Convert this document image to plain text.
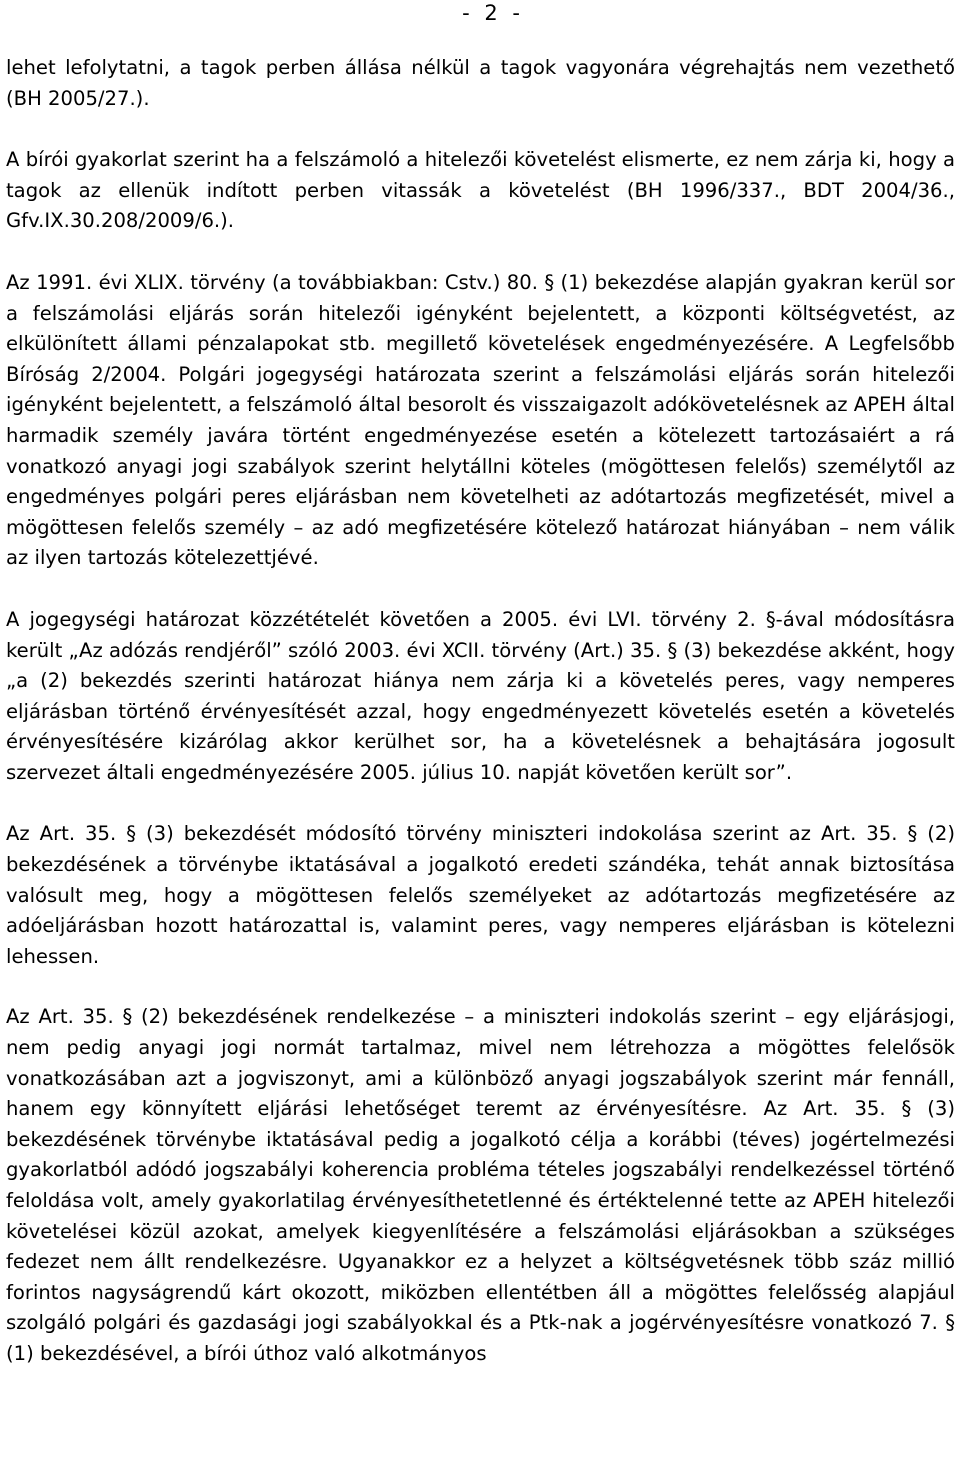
- 2 -

lehet lefolytatni, a tagok perben állása nélkül a tagok vagyonára végrehajtás nem vezethető (BH 2005/27.).

A bírói gyakorlat szerint ha a felszámoló a hitelezői követelést elismerte, ez nem zárja ki, hogy a tagok az ellenük indított perben vitassák a követelést (BH 1996/337., BDT 2004/36., Gfv.IX.30.208/2009/6.).

Az 1991. évi XLIX. törvény (a továbbiakban: Cstv.) 80. § (1) bekezdése alapján gyakran kerül sor a felszámolási eljárás során hitelezői igényként bejelentett, a központi költségvetést, az elkülönített állami pénzalapokat stb. megillető követelések engedményezésére. A Legfelsőbb Bíróság 2/2004. Polgári jogegységi határozata szerint a felszámolási eljárás során hitelezői igényként bejelentett, a felszámoló által besorolt és visszaigazolt adókövetelésnek az APEH által harmadik személy javára történt engedményezése esetén a kötelezett tartozásaiért a rá vonatkozó anyagi jogi szabályok szerint helytállni köteles (mögöttesen felelős) személytől az engedményes polgári peres eljárásban nem követelheti az adótartozás megfizetését, mivel a mögöttesen felelős személy – az adó megfizetésére kötelező határozat hiányában – nem válik az ilyen tartozás kötelezettjévé.

A jogegységi határozat közzétételét követően a 2005. évi LVI. törvény 2. §-ával módosításra került „Az adózás rendjéről” szóló 2003. évi XCII. törvény (Art.) 35. § (3) bekezdése akként, hogy „a (2) bekezdés szerinti határozat hiánya nem zárja ki a követelés peres, vagy nemperes eljárásban történő érvényesítését azzal, hogy engedményezett követelés esetén a követelés érvényesítésére kizárólag akkor kerülhet sor, ha a követelésnek a behajtására jogosult szervezet általi engedményezésére 2005. július 10. napját követően került sor”.

Az Art. 35. § (3) bekezdését módosító törvény miniszteri indokolása szerint az Art. 35. § (2) bekezdésének a törvénybe iktatásával a jogalkotó eredeti szándéka, tehát annak biztosítása valósult meg, hogy a mögöttesen felelős személyeket az adótartozás megfizetésére az adóeljárásban hozott határozattal is, valamint peres, vagy nemperes eljárásban is kötelezni lehessen.

Az Art. 35. § (2) bekezdésének rendelkezése – a miniszteri indokolás szerint – egy eljárásjogi, nem pedig anyagi jogi normát tartalmaz, mivel nem létrehozza a mögöttes felelősök vonatkozásában azt a jogviszonyt, ami a különböző anyagi jogszabályok szerint már fennáll, hanem egy könnyített eljárási lehetőséget teremt az érvényesítésre. Az Art. 35. § (3) bekezdésének törvénybe iktatásával pedig a jogalkotó célja a korábbi (téves) jogértelmezési gyakorlatból adódó jogszabályi koherencia probléma tételes jogszabályi rendelkezéssel történő feloldása volt, amely gyakorlatilag érvényesíthetetlenné és értéktelenné tette az APEH hitelezői követelései közül azokat, amelyek kiegyenlítésére a felszámolási eljárásokban a szükséges fedezet nem állt rendelkezésre. Ugyanakkor ez a helyzet a költségvetésnek több száz millió forintos nagyságrendű kárt okozott, miközben ellentétben áll a mögöttes felelősség alapjául szolgáló polgári és gazdasági jogi szabályokkal és a Ptk-nak a jogérvényesítésre vonatkozó 7. § (1) bekezdésével, a bírói úthoz való alkotmányos
